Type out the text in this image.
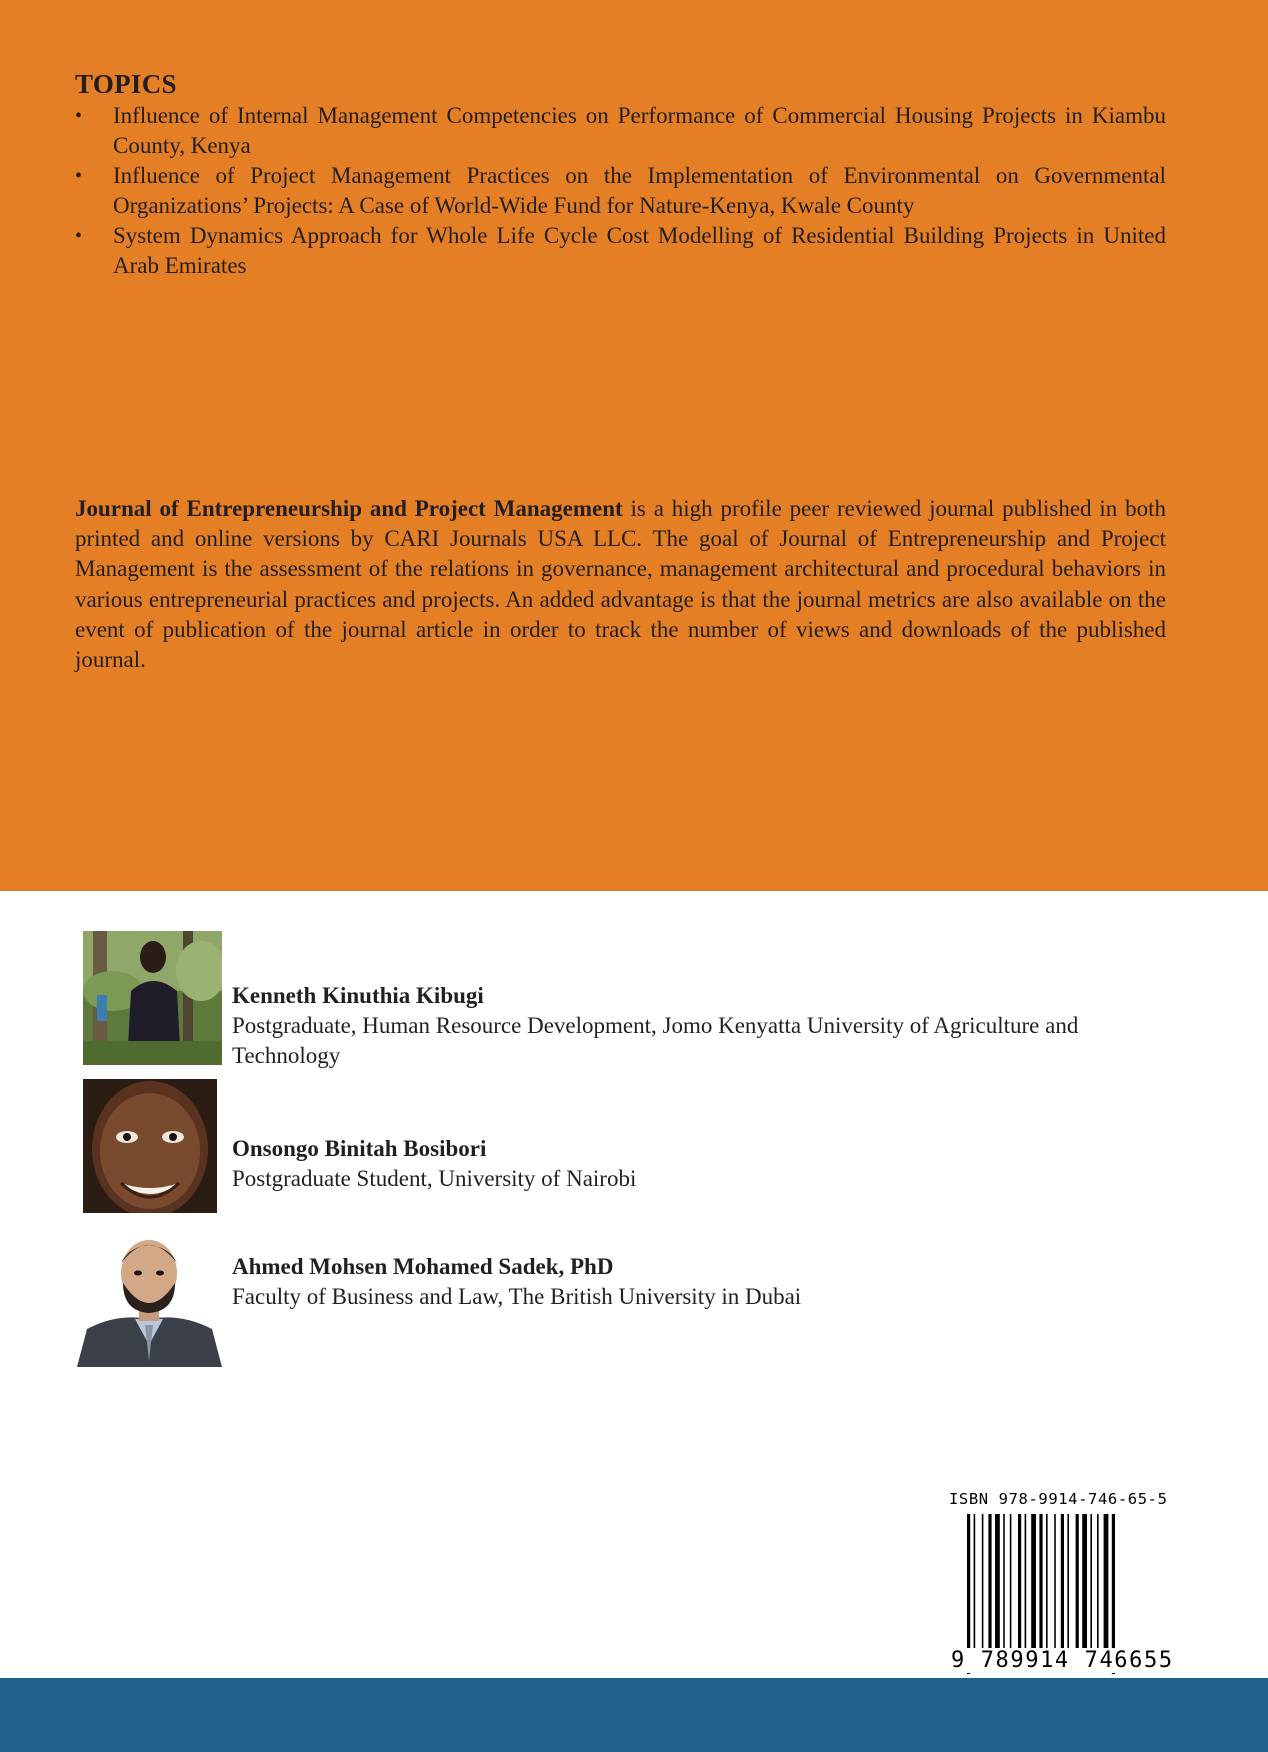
TOPICS
• Influence of Internal Management Competencies on Performance of Commercial Housing Projects in Kiambu County, Kenya
• Influence of Project Management Practices on the Implementation of Environmental on Governmental Organizations’ Projects: A Case of World-Wide Fund for Nature-Kenya, Kwale County
• System Dynamics Approach for Whole Life Cycle Cost Modelling of Residential Building Projects in United Arab Emirates

Journal of Entrepreneurship and Project Management is a high profile peer reviewed journal published in both printed and online versions by CARI Journals USA LLC. The goal of Journal of Entrepreneurship and Project Management is the assessment of the relations in governance, management architectural and procedural behaviors in various entrepreneurial practices and projects. An added advantage is that the journal metrics are also available on the event of publication of the journal article in order to track the number of views and downloads of the published journal.

Kenneth Kinuthia Kibugi
Postgraduate, Human Resource Development, Jomo Kenyatta University of Agriculture and Technology
Onsongo Binitah Bosibori
Postgraduate Student, University of Nairobi
Ahmed Mohsen Mohamed Sadek, PhD
Faculty of Business and Law, The British University in Dubai
ISBN 978-9914-746-65-5
9 789914 746655
